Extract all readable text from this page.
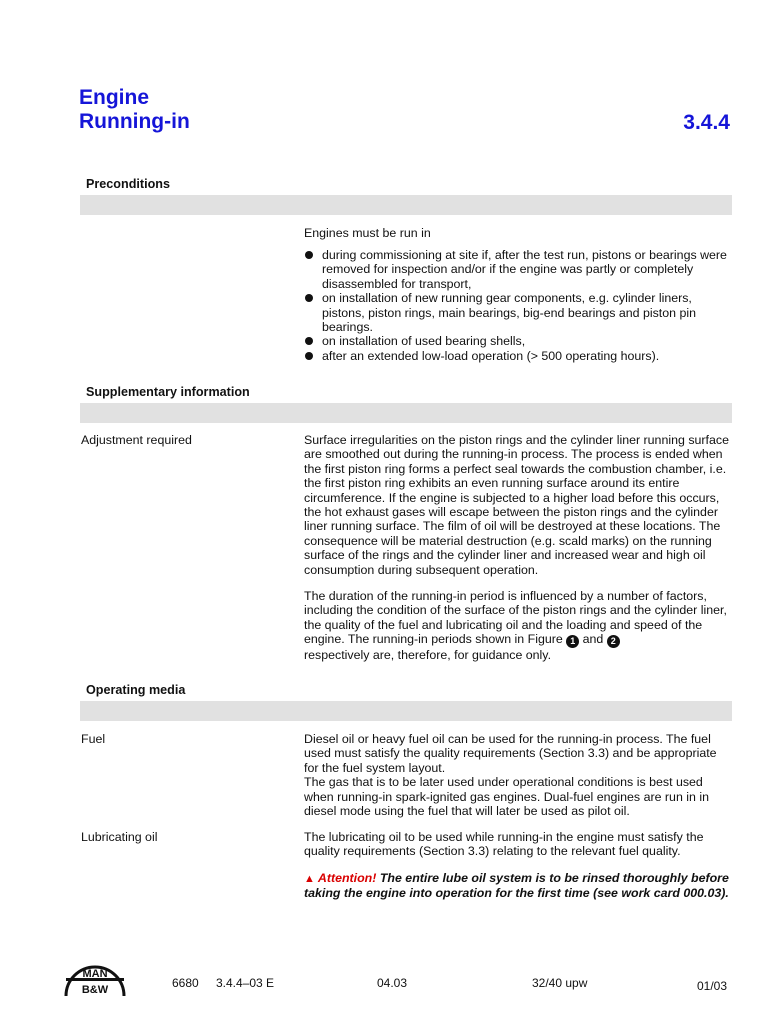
Engine
Running-in	3.4.4
Preconditions
Engines must be run in
during commissioning at site if, after the test run, pistons or bearings were removed for inspection and/or if the engine was partly or completely disassembled for transport,
on installation of new running gear components, e.g. cylinder liners, pistons, piston rings, main bearings, big-end bearings and piston pin bearings.
on installation of used bearing shells,
after an extended low-load operation (> 500 operating hours).
Supplementary information
Adjustment required	Surface irregularities on the piston rings and the cylinder liner running surface are smoothed out during the running-in process. The process is ended when the first piston ring forms a perfect seal towards the combustion chamber, i.e. the first piston ring exhibits an even running surface around its entire circumference. If the engine is subjected to a higher load before this occurs, the hot exhaust gases will escape between the piston rings and the cylinder liner running surface. The film of oil will be destroyed at these locations. The consequence will be material destruction (e.g. scald marks) on the running surface of the rings and the cylinder liner and increased wear and high oil consumption during subsequent operation.

The duration of the running-in period is influenced by a number of factors, including the condition of the surface of the piston rings and the cylinder liner, the quality of the fuel and lubricating oil and the loading and speed of the engine. The running-in periods shown in Figure 1 and 2
respectively are, therefore, for guidance only.

Operating media
Fuel	Diesel oil or heavy fuel oil can be used for the running-in process. The fuel used must satisfy the quality requirements (Section 3.3) and be appropriate for the fuel system layout.

The gas that is to be later used under operational conditions is best used when running-in spark-ignited gas engines. Dual-fuel engines are run in in diesel mode using the fuel that will later be used as pilot oil.

Lubricating oil	The lubricating oil to be used while running-in the engine must satisfy the quality requirements (Section 3.3) relating to the relevant fuel quality.
▲ Attention! The entire lube oil system is to be rinsed thoroughly before taking the engine into operation for the first time (see work card 000.03).
MAN
B&W	6680 3.4.4–03 E	04.03	32/40 upw	01/03
